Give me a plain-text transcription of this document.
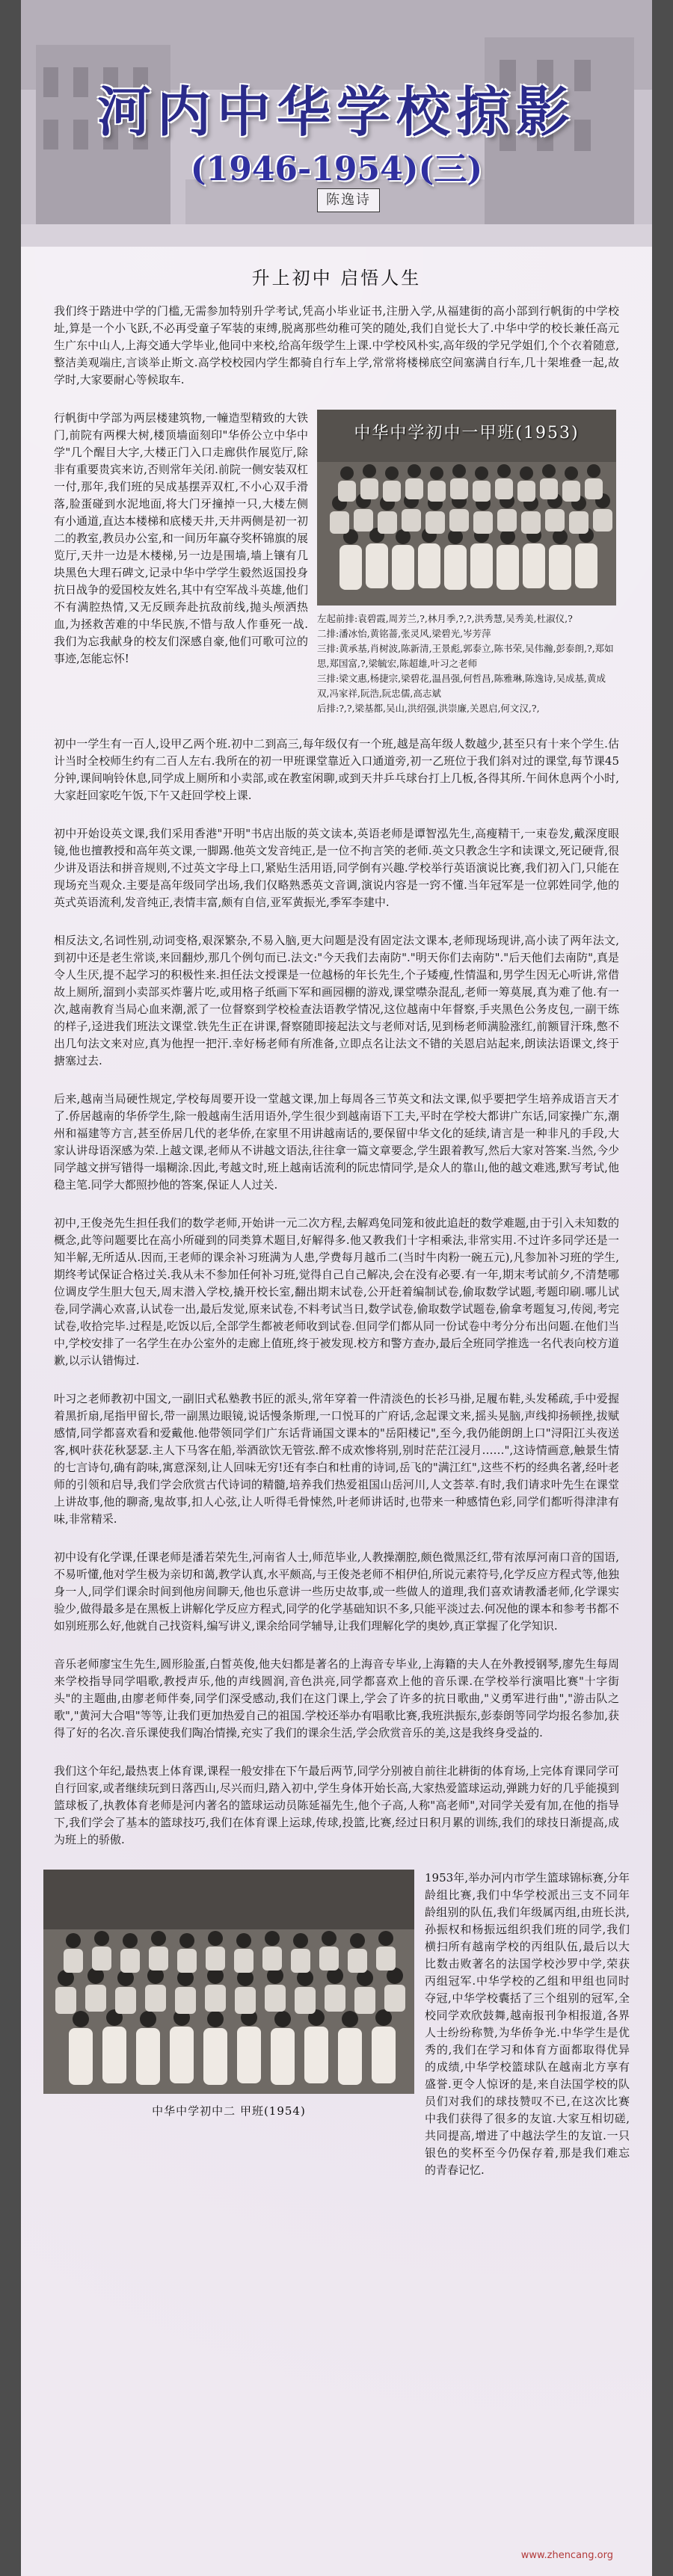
河内中华学校掠影
(1946-1954)(三)
陈逸诗
升上初中 启悟人生

我们终于踏进中学的门槛,无需参加特别升学考试,凭高小毕业证书,注册入学,从福建街的高小部到行帆街的中学校址,算是一个小飞跃,不必再受童子军装的束缚,脱离那些幼稚可笑的随处,我们自觉长大了.中华中学的校长兼任高元生广东中山人,上海交通大学毕业,他同中来校,给高年级学生上课.中学校风朴实,高年级的学兄学姐们,个个衣着随意,整洁美观端庄,言谈举止斯文.高学校校园内学生都骑自行车上学,常常将楼梯底空间塞满自行车,几十架堆叠一起,故学时,大家要耐心等候取车.

行帆街中学部为两层楼建筑物,一幢造型精致的大铁门,前院有两棵大树,楼顶墙面刻印"华侨公立中华中学"几个醒目大字,大楼正门入口走廊供作展览厅,除非有重要贵宾来访,否则常年关闭.前院一侧安装双杠一付,那年,我们班的吴成基摆弄双杠,不小心双手滑落,脸蛋碰到水泥地面,将大门牙撞掉一只,大楼左侧有小通道,直达本楼梯和底楼天井,天井两侧是初一初二的教室,教员办公室,和一间历年赢夺奖杯锦旗的展览厅,天井一边是木楼梯,另一边是围墙,墙上镶有几块黑色大理石碑文,记录中华中学学生毅然返国投身抗日战争的爱国校友姓名,其中有空军战斗英雄,他们不有满腔热情,又无反顾奔赴抗敌前线,抛头颅洒热血,为拯救苦难的中华民族,不惜与敌人作垂死一战.我们为忘我献身的校友们深感自豪,他们可歌可泣的事迹,怎能忘怀!
中华中学初中一甲班(1953)
左起前排:袁碧霞,周芳兰,?,林月季,?,?,洪秀慧,吴秀美,杜淑仪,?
二排:潘冰怡,黄铭蔷,张灵风,梁碧光,岑芳萍
三排:黄承基,肖树波,陈新清,王景彪,郭泰立,陈书荣,吴伟瀚,彭泰朗,?,郑如思,郑国富,?,梁毓宏,陈超雄,叶习之老师
三排:梁文惠,杨捷宗,梁碧花,温昌强,何哲昌,陈雅琳,陈逸诗,吴成基,黄成双,冯家祥,阮浩,阮忠儒,高志斌
后排:?,?,梁基都,吴山,洪绍强,洪崇廉,关恩启,何文汉,?,

初中一学生有一百人,设甲乙两个班.初中二到高三,每年级仅有一个班,越是高年级人数越少,甚至只有十来个学生.估计当时全校师生约有二百人左右.我所在的初一甲班课堂靠近入口通道旁,初一乙班位于我们斜对过的课堂,每节课45分钟,课间响铃休息,同学成上厕所和小卖部,或在教室闲聊,或到天井乒乓球台打上几板,各得其所.午间休息两个小时,大家赶回家吃午饭,下午又赶回学校上课.

初中开始设英文课,我们采用香港"开明"书店出版的英文读本,英语老师是谭智泓先生,高瘦精干,一束卷发,戴深度眼镜,他也擅教授和高年英文课,一脚踢.他英文发音纯正,是一位不拘言笑的老师.英文只教念生字和读课文,死记硬背,很少讲及语法和拼音规则,不过英文字母上口,紧贴生活用语,同学倒有兴趣.学校举行英语演说比赛,我们初入门,只能在现场充当观众.主要是高年级同学出场,我们仅略熟悉英文音调,演说内容是一窍不懂.当年冠军是一位郭姓同学,他的英式英语流利,发音纯正,表情丰富,颇有自信,亚军黄振光,季军李建中.

相反法文,名词性别,动词变格,艰深繁杂,不易入脑,更大问题是没有固定法文课本,老师现场现讲,高小读了两年法文,到初中还是老生常谈,来回翻炒,那几个例句而已.法文:"今天我们去南防"."明天你们去南防"."后天他们去南防",真是令人生厌,提不起学习的积极性来.担任法文授课是一位越杨的年长先生,个子矮瘦,性情温和,男学生因无心听讲,常借故上厕所,溜到小卖部买炸薯片吃,或用格子纸画下军和画园棚的游戏,课堂噤杂混乱,老师一筹莫展,真为难了他.有一次,越南教育当局心血来潮,派了一位督察到学校检查法语教学情况,这位越南中年督察,手夹黑色公务皮包,一副干练的样子,迳进我们班法文课堂.铁先生正在讲课,督察随即接起法文与老师对话,见到杨老师满脸涨红,前额冒汗珠,憋不出几句法文来对应,真为他捏一把汗.幸好杨老师有所准备,立即点名让法文不错的关恩启站起来,朗读法语课文,终于搪塞过去.

后来,越南当局硬性规定,学校每周要开设一堂越文课,加上每周各三节英文和法文课,似乎要把学生培养成语言天才了.侨居越南的华侨学生,除一般越南生活用语外,学生很少到越南语下工夫,平时在学校大都讲广东话,同家操广东,潮州和福建等方言,甚至侨居几代的老华侨,在家里不用讲越南话的,要保留中华文化的延续,请言是一种非凡的手段,大家认讲母语深感为荣.上越文课,老师从不讲越文语法,往往拿一篇文章要念,学生跟着教写,然后大家对答案.当然,今少同学越文拼写错得一塌糊涂.因此,考越文时,班上越南话流利的阮忠情同学,是众人的靠山,他的越文难逃,默写考试,他稳主笔.同学大都照抄他的答案,保证人人过关.

初中,王俊尧先生担任我们的数学老师,开始讲一元二次方程,去解鸡兔同笼和彼此追赶的数学难题,由于引入未知数的概念,此等问题要比在高小所碰到的同类算术题目,好解得多.他又教我们十字相乘法,非常实用.不过许多同学还是一知半解,无所适从.因而,王老师的课余补习班满为人患,学费每月越币二(当时牛肉粉一碗五元),凡参加补习班的学生,期终考试保证合格过关.我从未不参加任何补习班,觉得自己自己解决,会在没有必要.有一年,期末考试前夕,不清楚哪位调皮学生胆大包天,周末潜入学校,撬开校长室,翻出期末试卷,公开赶着编制试卷,偷取数学试题,考题印刷.哪儿试卷,同学满心欢喜,认试卷一出,最后发觉,原来试卷,不料考试当日,数学试卷,偷取数学试题卷,偷拿考题复习,传阅,考完试卷,收拾完毕.过程是,吃饭以后,全部学生都被老师收到试卷.但同学们都从同一份试卷中考分分布出问题.在他们当中,学校安排了一名学生在办公室外的走廊上值班,终于被发现.校方和警方查办,最后全班同学推选一名代表向校方道歉,以示认错悔过.

叶习之老师教初中国文,一副旧式私塾教书匠的派头,常年穿着一件清淡色的长衫马褂,足履布鞋,头发稀疏,手中爱握着黑折扇,尾指甲留长,带一副黑边眼镜,说话慢条斯理,一口悦耳的广府话,念起课文来,摇头晃脑,声线抑扬顿挫,拔赋感情,同学都喜欢看和爱戴他.他带领同学们广东话背诵国文课本的"岳阳楼记",至今,我仍能朗朗上口"浔阳江头夜送客,枫叶获花秋瑟瑟.主人下马客在船,举酒欲饮无管弦.醉不成欢惨将别,别时茫茫江浸月……",这诗情画意,触景生情的七言诗句,确有韵味,寓意深刻,让人回味无穷!还有李白和杜甫的诗词,岳飞的"满江红",这些不朽的经典名著,经叶老师的引领和启导,我们学会欣赏古代诗词的精髓,培养我们热爱祖国山岳河川,人文荟萃.有时,我们请求叶先生在课堂上讲故事,他的聊斋,鬼故事,扣人心弦,让人听得毛骨悚然,叶老师讲话时,也带来一种感情色彩,同学们都听得津津有味,非常精采.

初中设有化学课,任课老师是潘若荣先生,河南省人士,师范毕业,人教操潮腔,颇色微黑泛红,带有浓厚河南口音的国语,不易听懂,他对学生极为亲切和蔼,教学认真,水平颇高,与王俊尧老师不相伊伯,所说元素符号,化学反应方程式等,他独身一人,同学们课余时间到他房间聊天,他也乐意讲一些历史故事,或一些做人的道理,我们喜欢请教潘老师,化学课实验少,做得最多是在黑板上讲解化学反应方程式,同学的化学基础知识不多,只能平淡过去.何况他的课本和参考书都不如别班那么好,他就自己找资料,编写讲义,课余给同学辅导,让我们理解化学的奥妙,真正掌握了化学知识.

音乐老师廖宝生先生,圆形脸蛋,白皙英俊,他夫妇都是著名的上海音专毕业,上海籍的夫人在外教授钢琴,廖先生每周来学校指导同学唱歌,教授声乐,他的声线圆润,音色洪亮,同学都喜欢上他的音乐课.在学校举行演唱比赛"十字街头"的主题曲,由廖老师伴奏,同学们深受感动,我们在这门课上,学会了许多的抗日歌曲,"义勇军进行曲","游击队之歌","黄河大合唱"等等,让我们更加热爱自己的祖国.学校还举办有唱歌比赛,我班洪振东,彭泰朗等同学均报名参加,获得了好的名次.音乐课使我们陶冶情操,充实了我们的课余生活,学会欣赏音乐的美,这是我终身受益的.

我们这个年纪,最热衷上体育课,课程一般安排在下午最后两节,同学分别被自前往北耕街的体育场,上完体育课同学可自行回家,或者继续玩到日落西山,尽兴而归,踏入初中,学生身体开始长高,大家热爱篮球运动,弹跳力好的几乎能摸到篮球板了,执教体育老师是河内著名的篮球运动员陈延福先生,他个子高,人称"高老师",对同学关爱有加,在他的指导下,我们学会了基本的篮球技巧,我们在体育课上运球,传球,投篮,比赛,经过日积月累的训练,我们的球技日渐提高,成为班上的骄傲.

中华中学初中二 甲班(1954)
1953年,举办河内市学生篮球锦标赛,分年龄组比赛,我们中华学校派出三支不同年龄组别的队伍,我们年级属丙组,由班长洪,孙振权和杨振远组织我们班的同学,我们横扫所有越南学校的丙组队伍,最后以大比数击败著名的法国学校沙罗中学,荣获丙组冠军.中华学校的乙组和甲组也同时夺冠,中华学校囊括了三个组别的冠军,全校同学欢欣鼓舞,越南报刊争相报道,各界人士纷纷称赞,为华侨争光.中华学生是优秀的,我们在学习和体育方面都取得优异的成绩,中华学校篮球队在越南北方享有盛誉.更令人惊讶的是,来自法国学校的队员们对我们的球技赞叹不已,在这次比赛中我们获得了很多的友谊.大家互相切磋,共同提高,增进了中越法学生的友谊.一只银色的奖杯至今仍保存着,那是我们难忘的青春记忆.
www.zhencang.org
